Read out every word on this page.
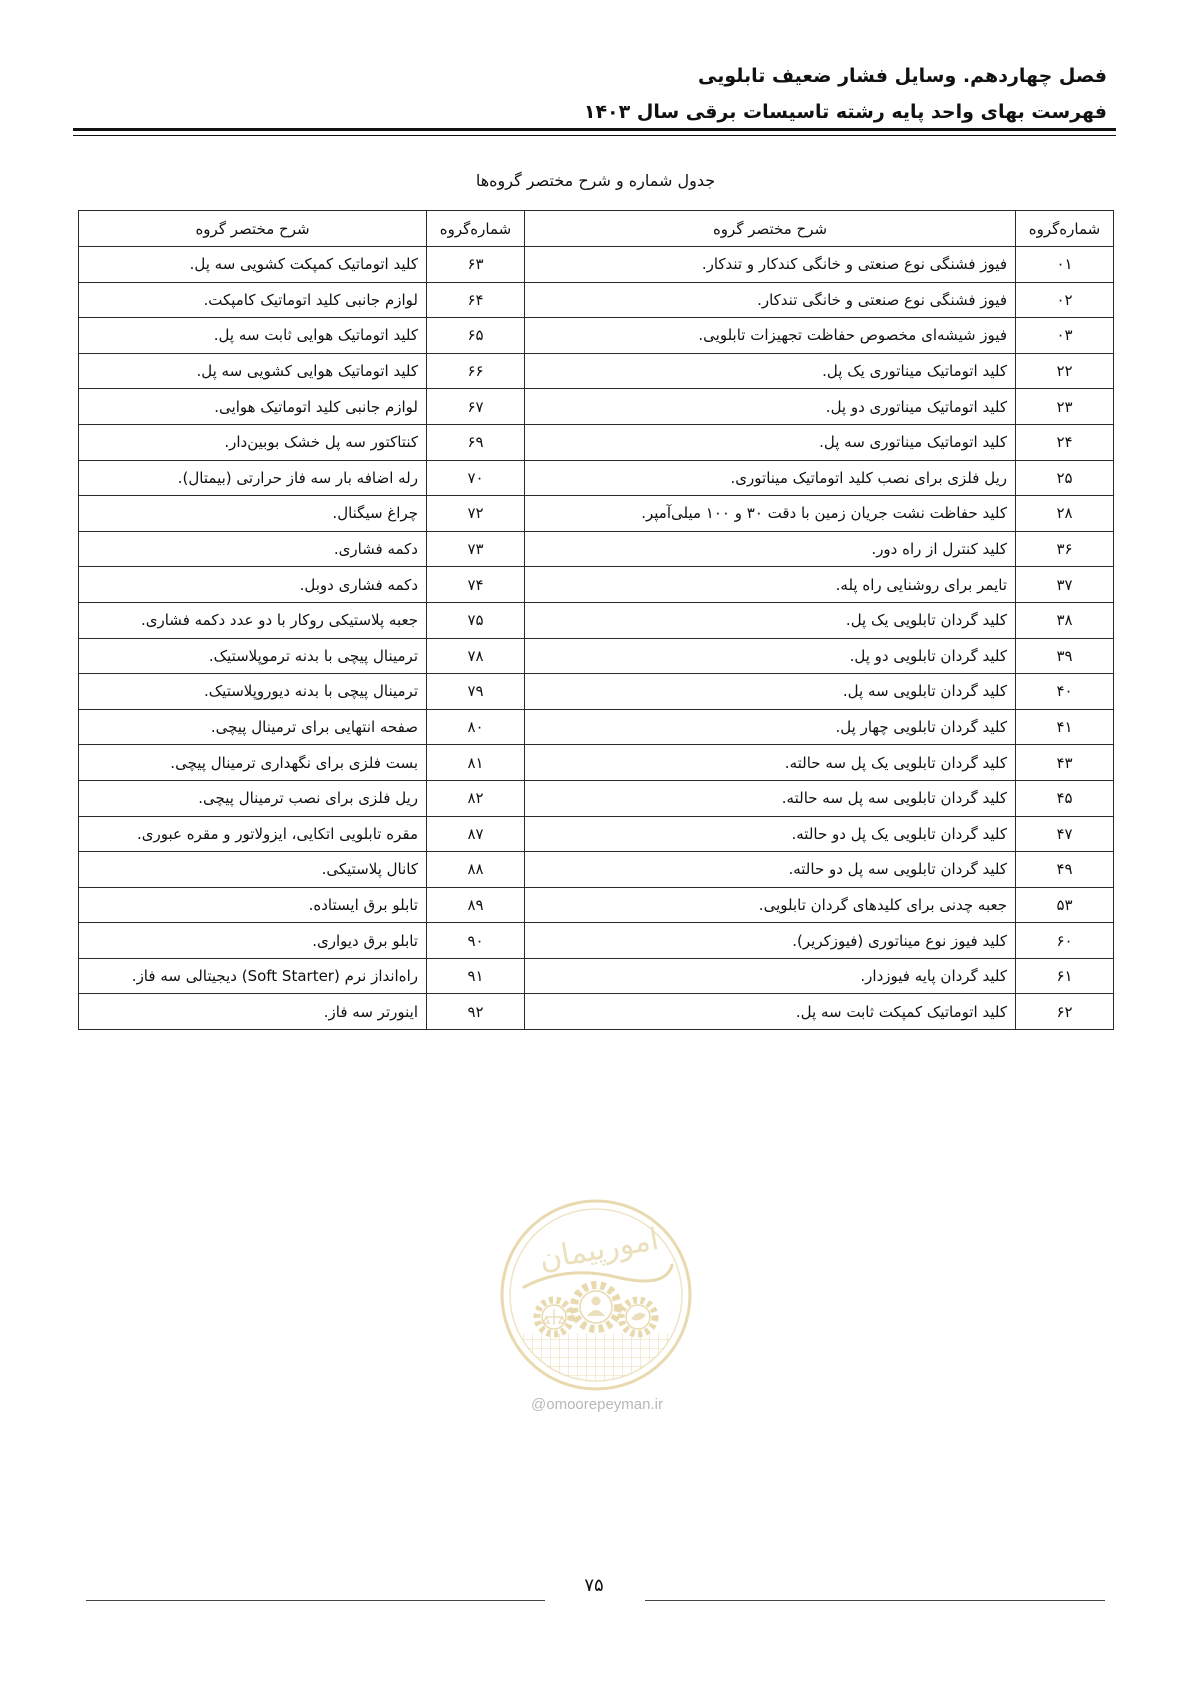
فصل چهاردهم. وسایل فشار ضعیف تابلویی
فهرست بهای واحد پایه رشته تاسیسات برقی سال ۱۴۰۳
جدول شماره و شرح مختصر گروه‌ها
شماره‌گروه	شرح مختصر گروه	شماره‌گروه	شرح مختصر گروه
۰۱	فیوز فشنگی نوع صنعتی و خانگی کندکار و تندکار.	۶۳	کلید اتوماتیک کمپکت کشویی سه پل.
۰۲	فیوز فشنگی نوع صنعتی و خانگی تندکار.	۶۴	لوازم جانبی کلید اتوماتیک کامپکت.
۰۳	فیوز شیشه‌ای مخصوص حفاظت تجهیزات تابلویی.	۶۵	کلید اتوماتیک هوایی ثابت سه پل.
۲۲	کلید اتوماتیک میناتوری یک پل.	۶۶	کلید اتوماتیک هوایی کشویی سه پل.
۲۳	کلید اتوماتیک میناتوری دو پل.	۶۷	لوازم جانبی کلید اتوماتیک هوایی.
۲۴	کلید اتوماتیک میناتوری سه پل.	۶۹	کنتاکتور سه پل خشک بوبین‌دار.
۲۵	ریل فلزی برای نصب کلید اتوماتیک میناتوری.	۷۰	رله اضافه بار سه فاز حرارتی (بیمتال).
۲۸	کلید حفاظت نشت جریان زمین با دقت ۳۰ و ۱۰۰ میلی‌آمپر.	۷۲	چراغ سیگنال.
۳۶	کلید کنترل از راه دور.	۷۳	دکمه فشاری.
۳۷	تایمر برای روشنایی راه پله.	۷۴	دکمه فشاری دوبل.
۳۸	کلید گردان تابلویی یک پل.	۷۵	جعبه پلاستیکی روکار با دو عدد دکمه فشاری.
۳۹	کلید گردان تابلویی دو پل.	۷۸	ترمینال پیچی با بدنه ترموپلاستیک.
۴۰	کلید گردان تابلویی سه پل.	۷۹	ترمینال پیچی با بدنه دیوروپلاستیک.
۴۱	کلید گردان تابلویی چهار پل.	۸۰	صفحه انتهایی برای ترمینال پیچی.
۴۳	کلید گردان تابلویی یک پل سه حالته.	۸۱	بست فلزی برای نگهداری ترمینال پیچی.
۴۵	کلید گردان تابلویی سه پل سه حالته.	۸۲	ریل فلزی برای نصب ترمینال پیچی.
۴۷	کلید گردان تابلویی یک پل دو حالته.	۸۷	مقره تابلویی اتکایی، ایزولاتور و مقره عبوری.
۴۹	کلید گردان تابلویی سه پل دو حالته.	۸۸	کانال پلاستیکی.
۵۳	جعبه چدنی برای کلیدهای گردان تابلویی.	۸۹	تابلو برق ایستاده.
۶۰	کلید فیوز نوع میناتوری (فیوزکریر).	۹۰	تابلو برق دیواری.
۶۱	کلید گردان پایه فیوزدار.	۹۱	راه‌انداز نرم (Soft Starter) دیجیتالی سه فاز.
۶۲	کلید اتوماتیک کمپکت ثابت سه پل.	۹۲	اینورتر سه فاز.
امورپیمان
@omoorepeyman.ir
۷۵
